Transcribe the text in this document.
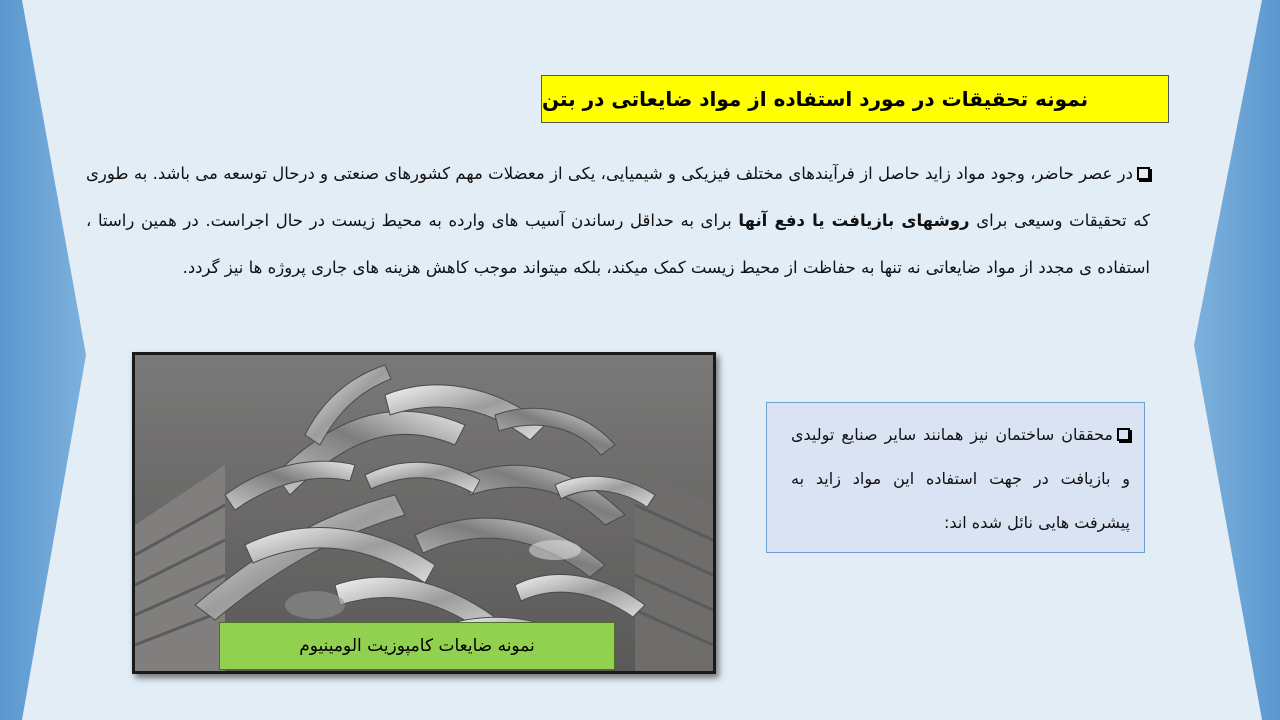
نمونه تحقیقات در مورد استفاده از مواد ضایعاتی در بتن
در عصر حاضر، وجود مواد زاید حاصل از فرآیندهای مختلف فیزیکی و شیمیایی، یکی از معضلات مهم کشورهای صنعتی و درحال توسعه می باشد. به طوری که تحقیقات وسیعی برای روشهای بازیافت یا دفع آنها برای به حداقل رساندن آسیب های وارده به محیط زیست در حال اجراست. در همین راستا ، استفاده ی مجدد از مواد ضایعاتی نه تنها به حفاظت از محیط زیست کمک میکند، بلکه میتواند موجب کاهش هزینه های جاری پروژه ها نیز گردد.
نمونه ضایعات کامپوزیت الومینیوم
محققان ساختمان نیز همانند سایر صنایع تولیدی و بازیافت در جهت استفاده این مواد زاید به پیشرفت هایی نائل شده اند:
